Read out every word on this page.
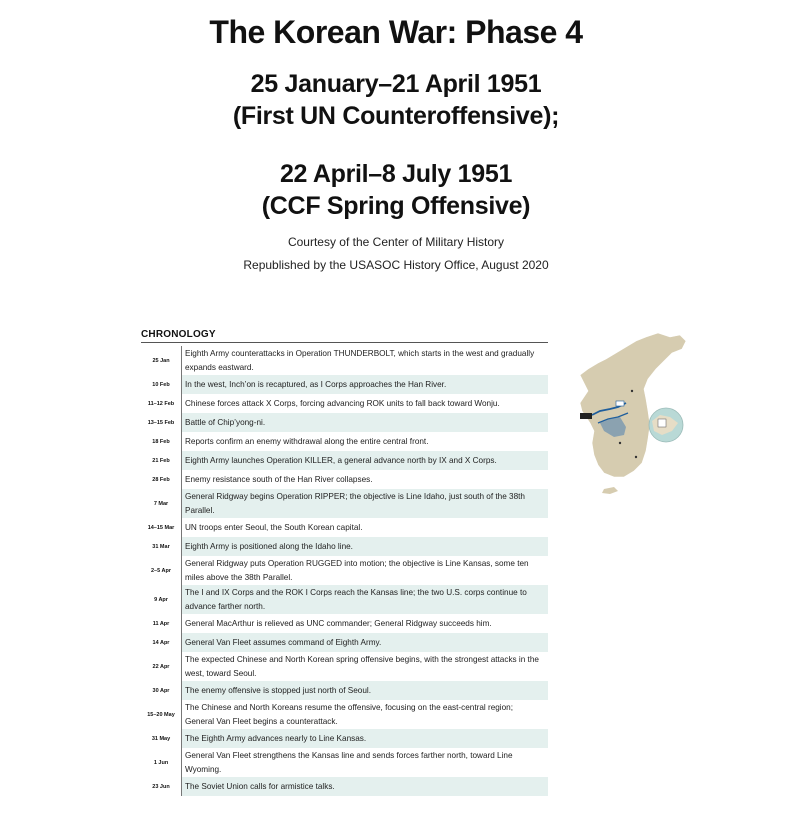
The Korean War: Phase 4
25 January–21 April 1951
(First UN Counteroffensive);
22 April–8 July 1951
(CCF Spring Offensive)

Courtesy of the Center of Military History

Republished by the USASOC History Office, August 2020

CHRONOLOGY
25 Jan	Eighth Army counterattacks in Operation THUNDERBOLT, which starts in the west and gradually expands eastward.
10 Feb	In the west, Inch’on is recaptured, as I Corps approaches the Han River.
11–12 Feb	Chinese forces attack X Corps, forcing advancing ROK units to fall back toward Wonju.
13–15 Feb	Battle of Chip’yong-ni.
18 Feb	Reports confirm an enemy withdrawal along the entire central front.
21 Feb	Eighth Army launches Operation KILLER, a general advance north by IX and X Corps.
28 Feb	Enemy resistance south of the Han River collapses.
7 Mar	General Ridgway begins Operation RIPPER; the objective is Line Idaho, just south of the 38th Parallel.
14–15 Mar	UN troops enter Seoul, the South Korean capital.
31 Mar	Eighth Army is positioned along the Idaho line.
2–5 Apr	General Ridgway puts Operation RUGGED into motion; the objective is Line Kansas, some ten miles above the 38th Parallel.
9 Apr	The I and IX Corps and the ROK I Corps reach the Kansas line; the two U.S. corps continue to advance farther north.
11 Apr	General MacArthur is relieved as UNC commander; General Ridgway succeeds him.
14 Apr	General Van Fleet assumes command of Eighth Army.
22 Apr	The expected Chinese and North Korean spring offensive begins, with the strongest attacks in the west, toward Seoul.
30 Apr	The enemy offensive is stopped just north of Seoul.
15–20 May	The Chinese and North Koreans resume the offensive, focusing on the east-central region; General Van Fleet begins a counterattack.
31 May	The Eighth Army advances nearly to Line Kansas.
1 Jun	General Van Fleet strengthens the Kansas line and sends forces farther north, toward Line Wyoming.
23 Jun	The Soviet Union calls for armistice talks.
